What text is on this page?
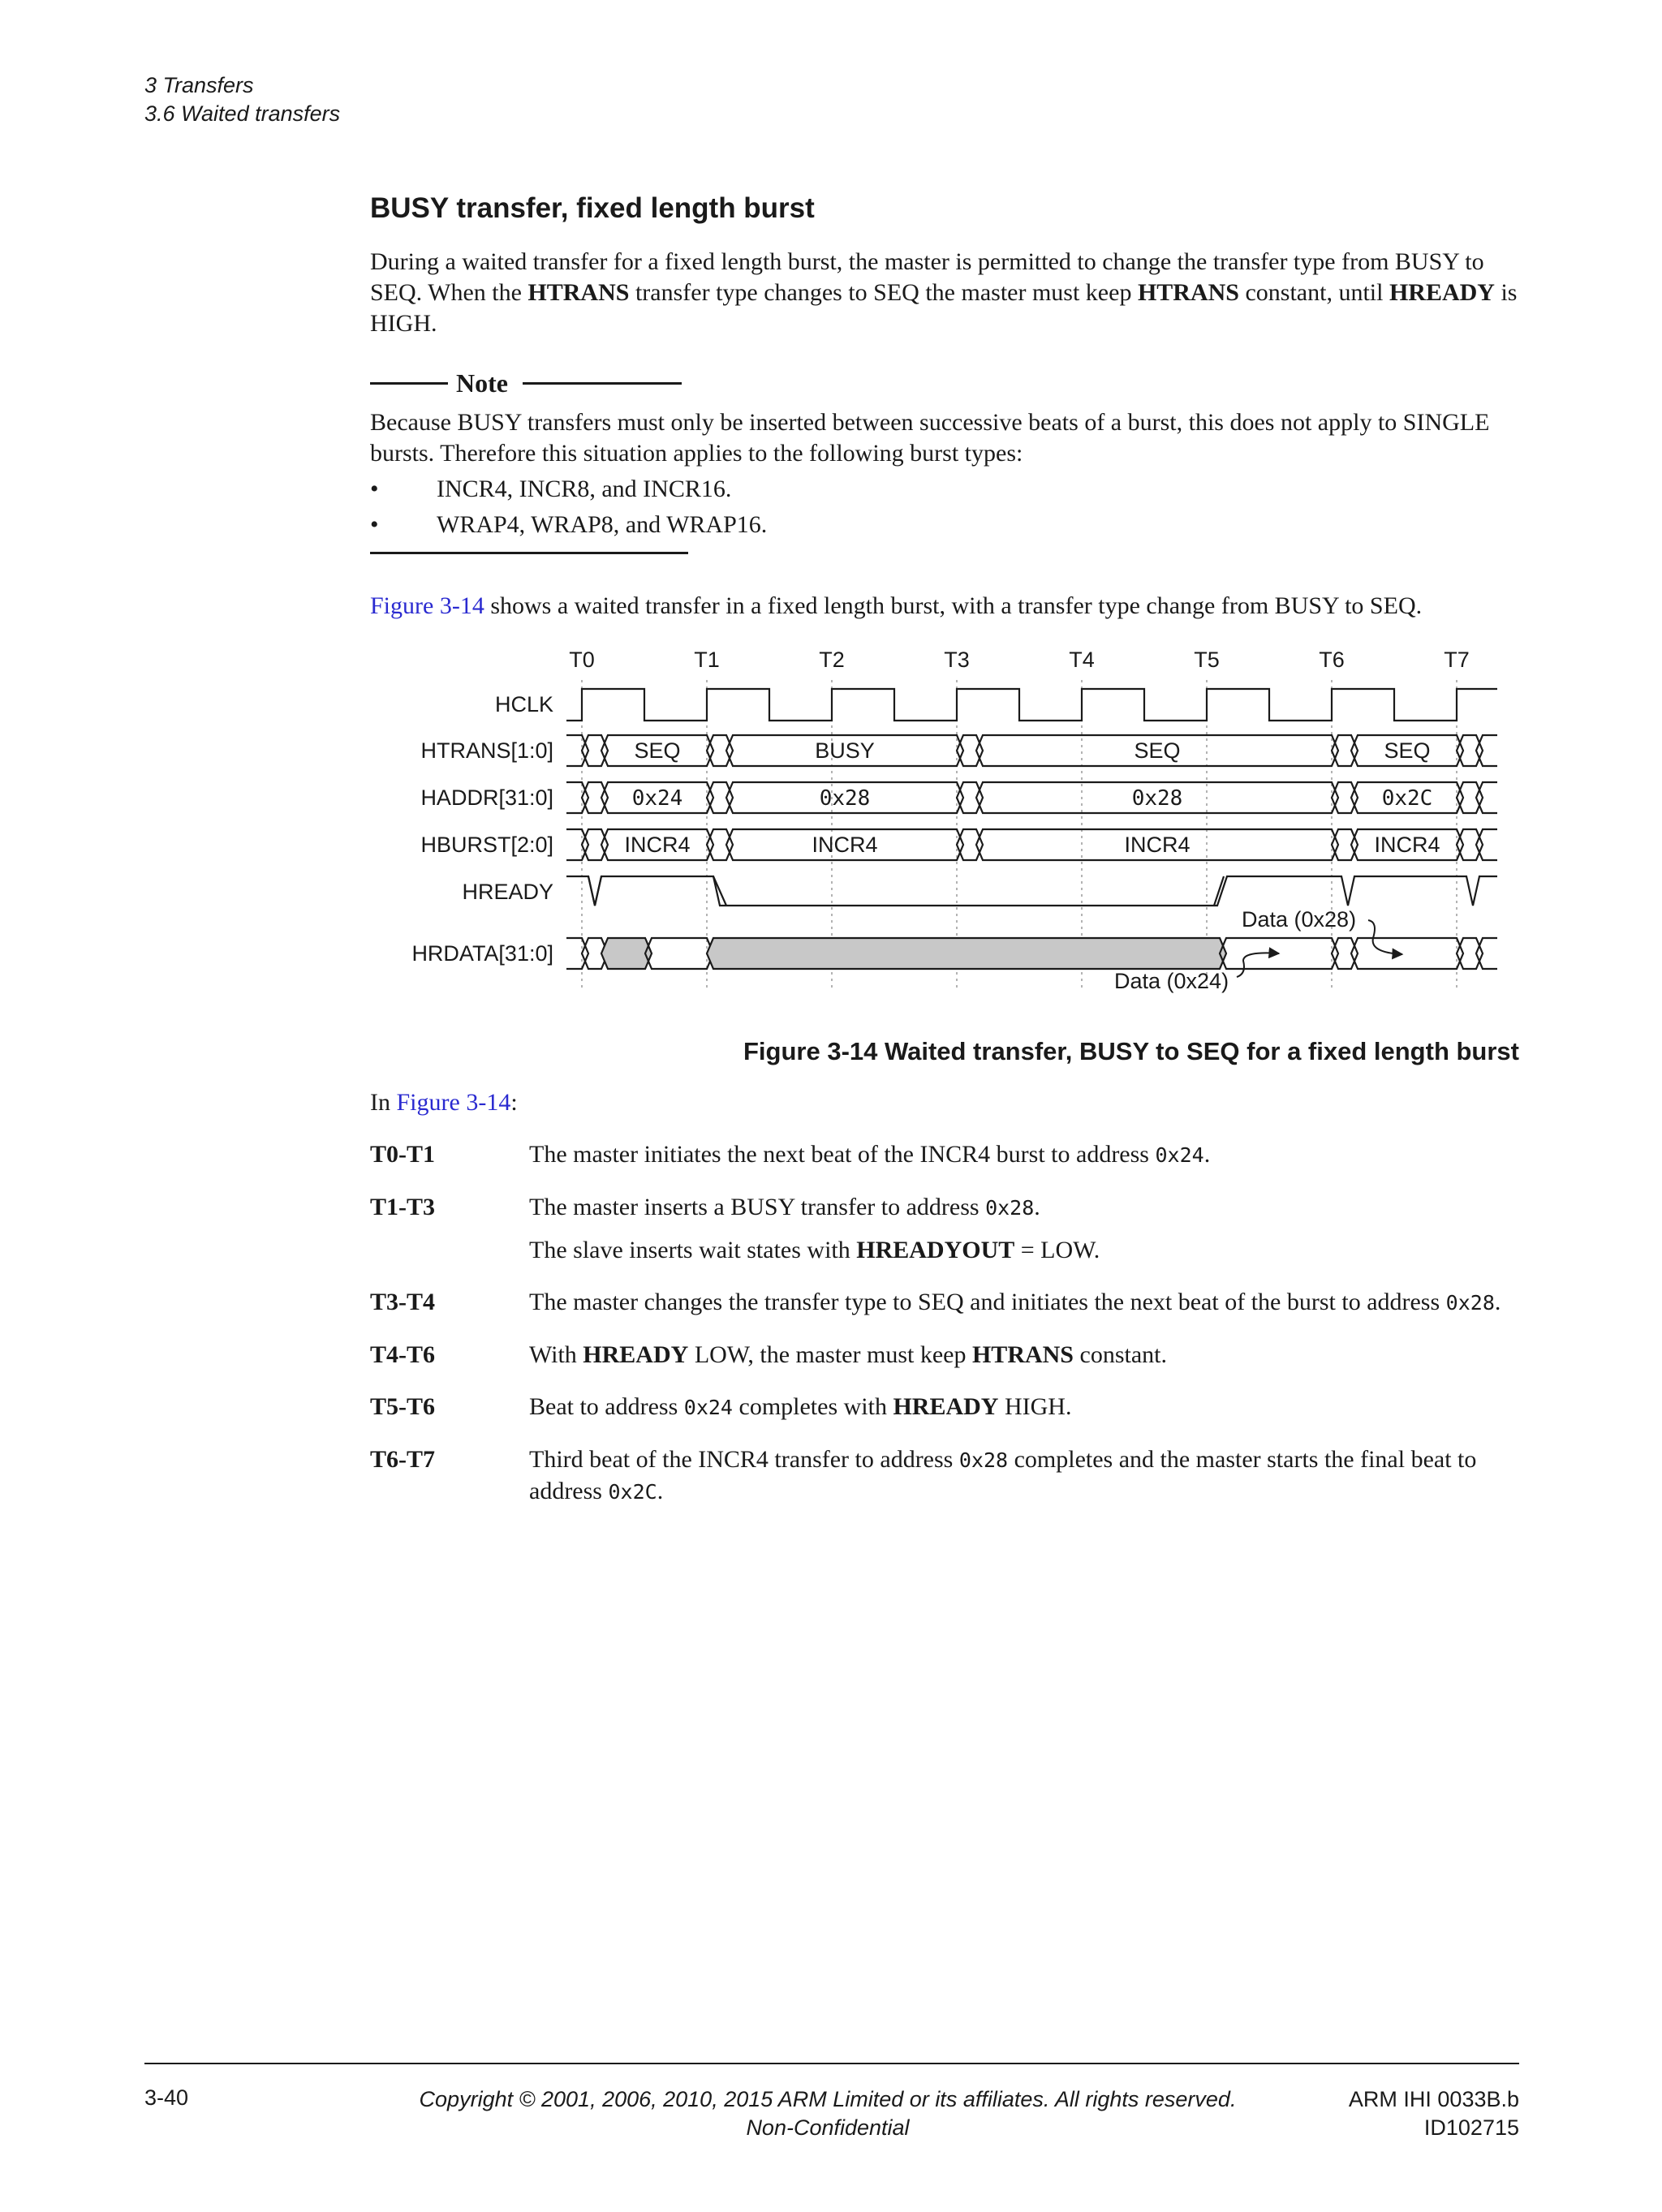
3 Transfers
3.6 Waited transfers
BUSY transfer, fixed length burst

During a waited transfer for a fixed length burst, the master is permitted to change the transfer type from BUSY to SEQ. When the HTRANS transfer type changes to SEQ the master must keep HTRANS constant, until HREADY is HIGH.

Note

Because BUSY transfers must only be inserted between successive beats of a burst, this does not apply to SINGLE bursts. Therefore this situation applies to the following burst types:

•	INCR4, INCR8, and INCR16.
•	WRAP4, WRAP8, and WRAP16.

Figure 3-14 shows a waited transfer in a fixed length burst, with a transfer type change from BUSY to SEQ.

T0	T1	T2	T3	T4	T5	T6	T7
HCLK
HTRANS[1:0]
HADDR[31:0]
HBURST[2:0]
HREADY
HRDATA[31:0]
SEQ	BUSY	SEQ	SEQ
0x24	0x28	0x28	0x2C
INCR4	INCR4	INCR4	INCR4
Data (0x28)
Data (0x24)
Figure 3-14 Waited transfer, BUSY to SEQ for a fixed length burst
In Figure 3-14:
T0-T1	The master initiates the next beat of the INCR4 burst to address 0x24.

T1-T3	The master inserts a BUSY transfer to address 0x28.

The slave inserts wait states with HREADYOUT = LOW.

T3-T4	The master changes the transfer type to SEQ and initiates the next beat of the burst to address 0x28.

T4-T6	With HREADY LOW, the master must keep HTRANS constant.

T5-T6	Beat to address 0x24 completes with HREADY HIGH.

T6-T7	Third beat of the INCR4 transfer to address 0x28 completes and the master starts the final beat to address 0x2C.

3-40	Copyright © 2001, 2006, 2010, 2015 ARM Limited or its affiliates. All rights reserved.
Non-Confidential
ARM IHI 0033B.b
ID102715
